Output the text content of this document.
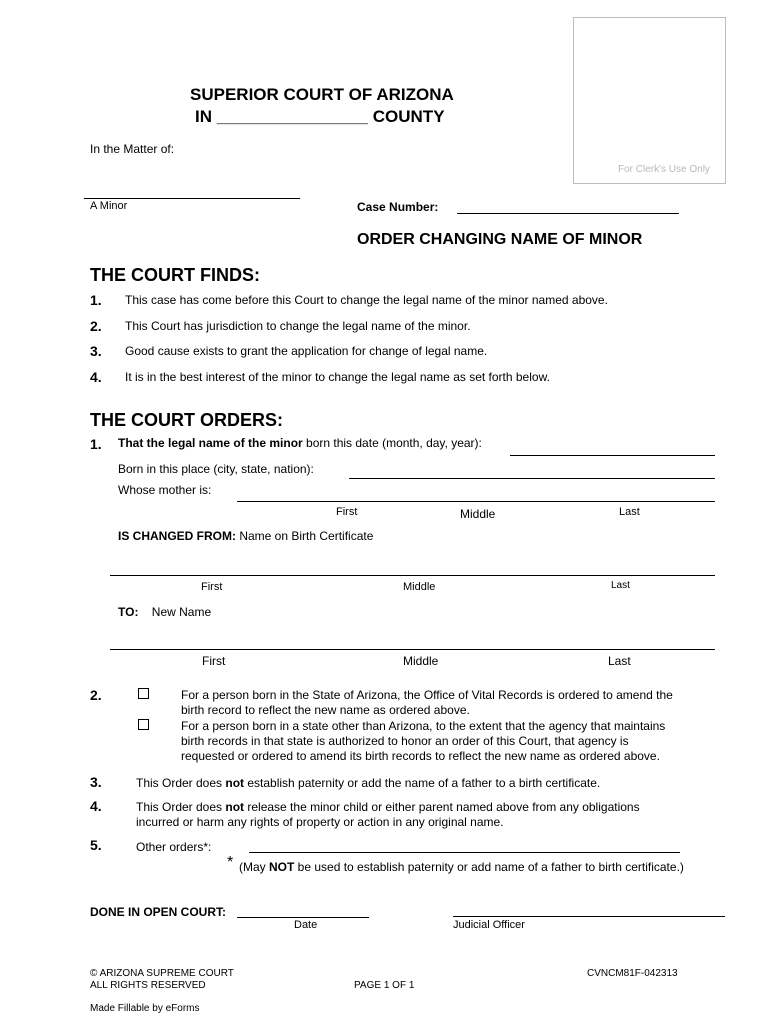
SUPERIOR COURT OF ARIZONA
IN ________________ COUNTY
For Clerk's Use Only
In the Matter of:
A Minor	Case Number:
ORDER CHANGING NAME OF MINOR
THE COURT FINDS:
1. This case has come before this Court to change the legal name of the minor named above.
2. This Court has jurisdiction to change the legal name of the minor.
3. Good cause exists to grant the application for change of legal name.
4. It is in the best interest of the minor to change the legal name as set forth below.
THE COURT ORDERS:
1. That the legal name of the minor born this date (month, day, year):
Born in this place (city, state, nation):
Whose mother is:
First	Middle	Last
IS CHANGED FROM: Name on Birth Certificate
First	Middle	Last
TO: New Name
First	Middle	Last
2.	For a person born in the State of Arizona, the Office of Vital Records is ordered to amend the birth record to reflect the new name as ordered above.
For a person born in a state other than Arizona, to the extent that the agency that maintains birth records in that state is authorized to honor an order of this Court, that agency is requested or ordered to amend its birth records to reflect the new name as ordered above.
3.	This Order does not establish paternity or add the name of a father to a birth certificate.
4.	This Order does not release the minor child or either parent named above from any obligations incurred or harm any rights of property or action in any original name.
5.	Other orders*:
* (May NOT be used to establish paternity or add name of a father to birth certificate.)
DONE IN OPEN COURT:
Date	Judicial Officer
© ARIZONA SUPREME COURT
ALL RIGHTS RESERVED	PAGE 1 OF 1
CVNCM81F-042313
Made Fillable by eForms
